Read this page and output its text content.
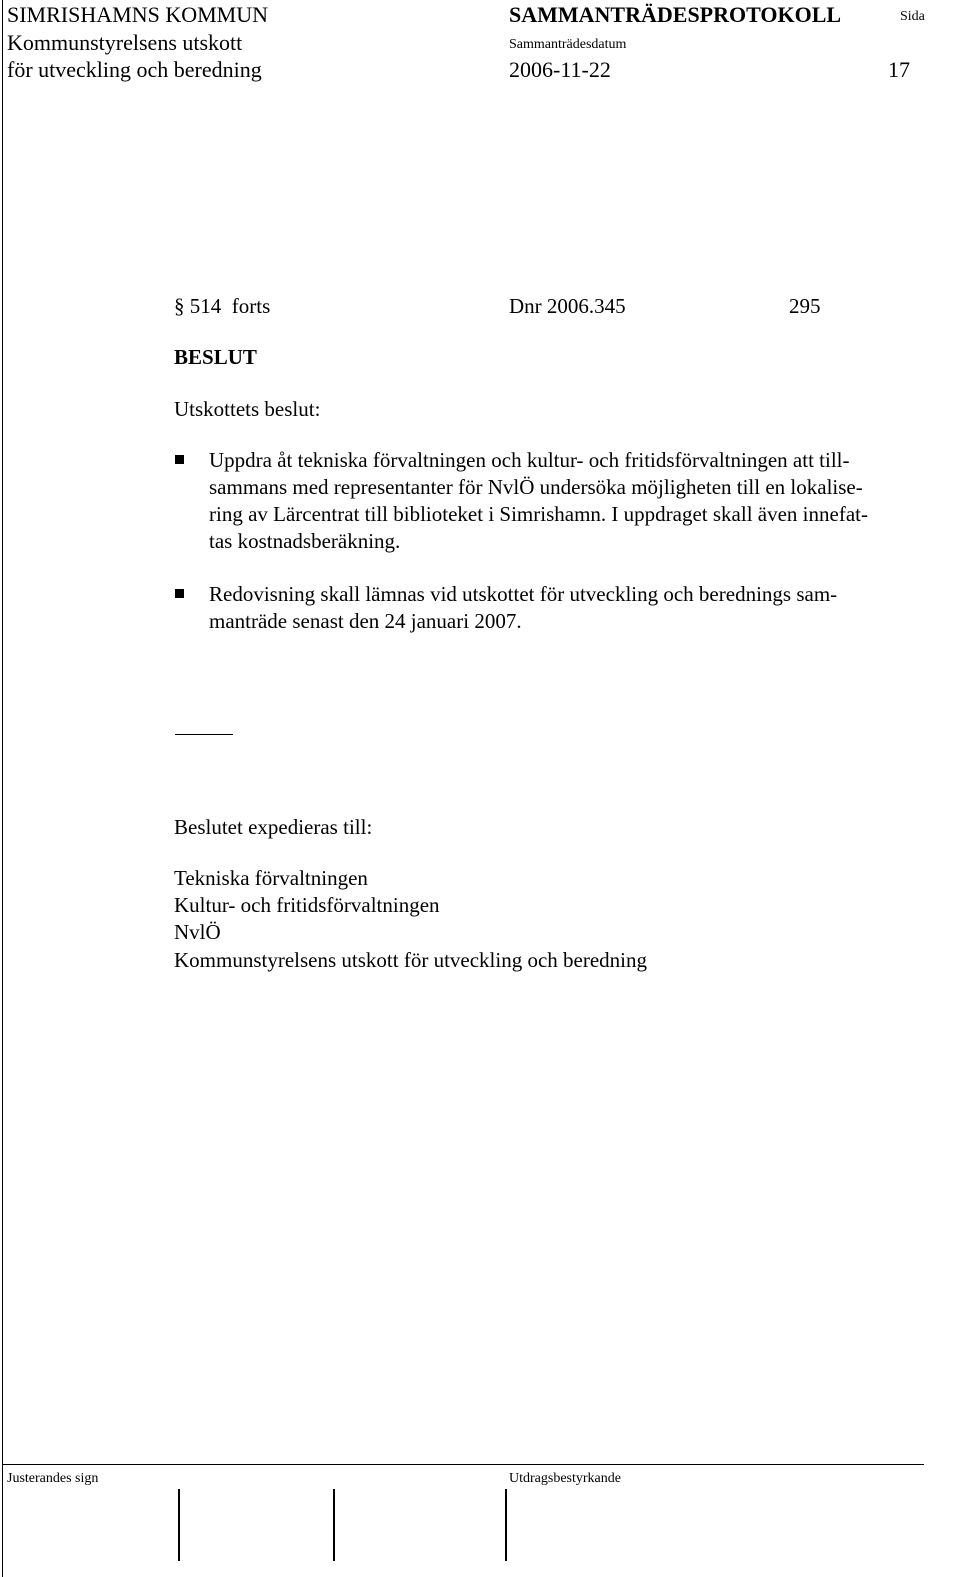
SIMRISHAMNS KOMMUN	SAMMANTRÄDESPROTOKOLL	Sida
Kommunstyrelsens utskott	Sammanträdesdatum
för utveckling och beredning	2006-11-22	17
§ 514  forts	Dnr 2006.345	295
BESLUT
Utskottets beslut:
Uppdra åt tekniska förvaltningen och kultur- och fritidsförvaltningen att till-
sammans med representanter för NvlÖ undersöka möjligheten till en lokalise-
ring av Lärcentrat till biblioteket i Simrishamn. I uppdraget skall även innefat-
tas kostnadsberäkning.
Redovisning skall lämnas vid utskottet för utveckling och berednings sam-
manträde senast den 24 januari 2007.
Beslutet expedieras till:
Tekniska förvaltningen
Kultur- och fritidsförvaltningen
NvlÖ
Kommunstyrelsens utskott för utveckling och beredning
Justerandes sign	Utdragsbestyrkande
